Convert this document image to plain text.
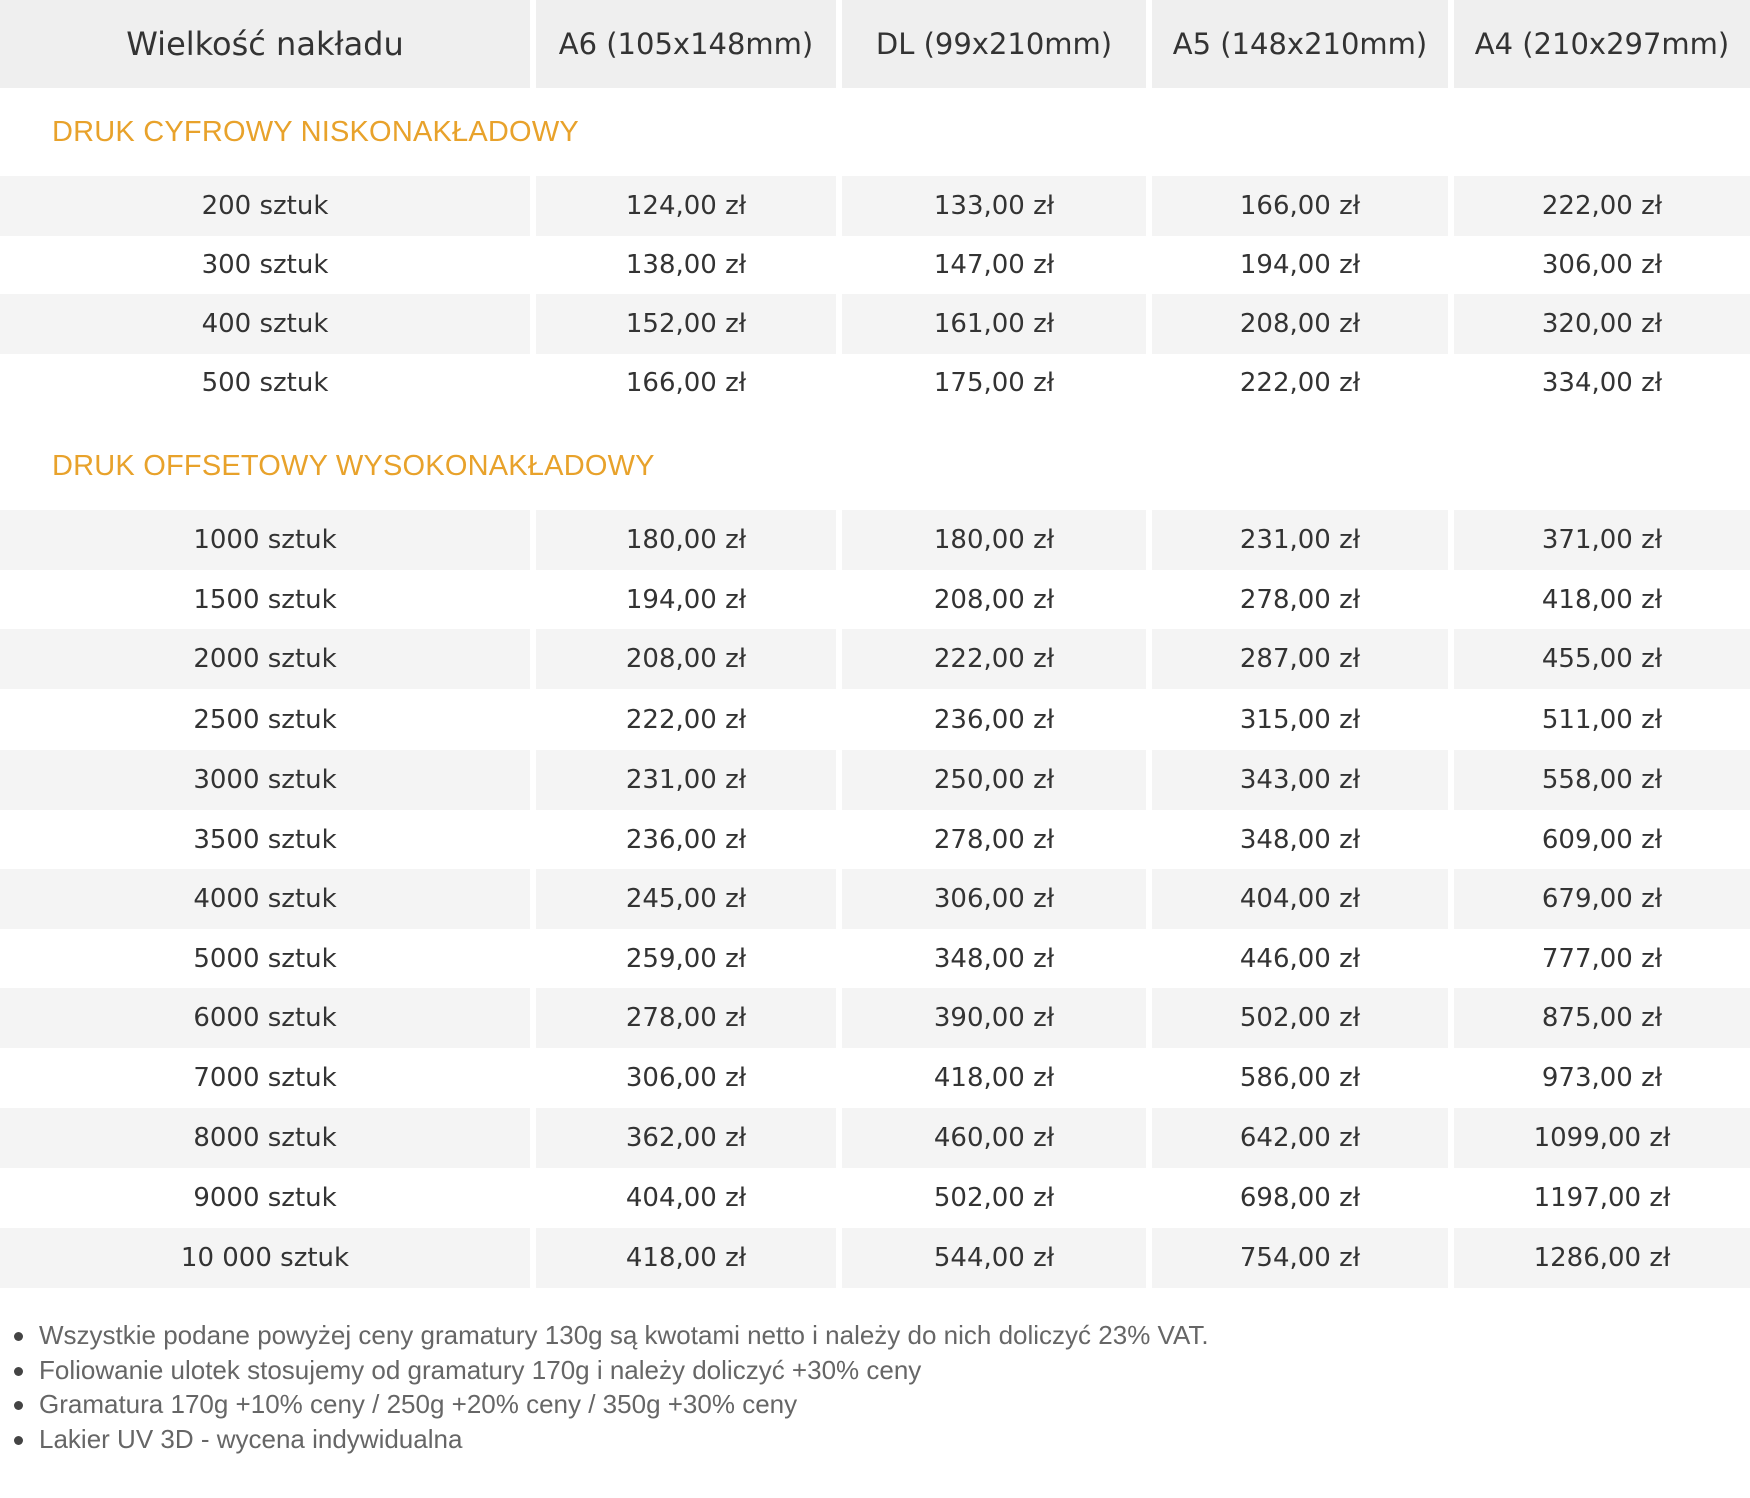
Wielkość nakładu	A6 (105x148mm)	DL (99x210mm)	A5 (148x210mm)	A4 (210x297mm)
DRUK CYFROWY NISKONAKŁADOWY
200 sztuk	124,00 zł	133,00 zł	166,00 zł	222,00 zł
300 sztuk	138,00 zł	147,00 zł	194,00 zł	306,00 zł
400 sztuk	152,00 zł	161,00 zł	208,00 zł	320,00 zł
500 sztuk	166,00 zł	175,00 zł	222,00 zł	334,00 zł
DRUK OFFSETOWY WYSOKONAKŁADOWY
1000 sztuk	180,00 zł	180,00 zł	231,00 zł	371,00 zł
1500 sztuk	194,00 zł	208,00 zł	278,00 zł	418,00 zł
2000 sztuk	208,00 zł	222,00 zł	287,00 zł	455,00 zł
2500 sztuk	222,00 zł	236,00 zł	315,00 zł	511,00 zł
3000 sztuk	231,00 zł	250,00 zł	343,00 zł	558,00 zł
3500 sztuk	236,00 zł	278,00 zł	348,00 zł	609,00 zł
4000 sztuk	245,00 zł	306,00 zł	404,00 zł	679,00 zł
5000 sztuk	259,00 zł	348,00 zł	446,00 zł	777,00 zł
6000 sztuk	278,00 zł	390,00 zł	502,00 zł	875,00 zł
7000 sztuk	306,00 zł	418,00 zł	586,00 zł	973,00 zł
8000 sztuk	362,00 zł	460,00 zł	642,00 zł	1099,00 zł
9000 sztuk	404,00 zł	502,00 zł	698,00 zł	1197,00 zł
10 000 sztuk	418,00 zł	544,00 zł	754,00 zł	1286,00 zł
Wszystkie podane powyżej ceny gramatury 130g są kwotami netto i należy do nich doliczyć 23% VAT.
Foliowanie ulotek stosujemy od gramatury 170g i należy doliczyć +30% ceny
Gramatura 170g +10% ceny / 250g +20% ceny / 350g +30% ceny
Lakier UV 3D - wycena indywidualna
